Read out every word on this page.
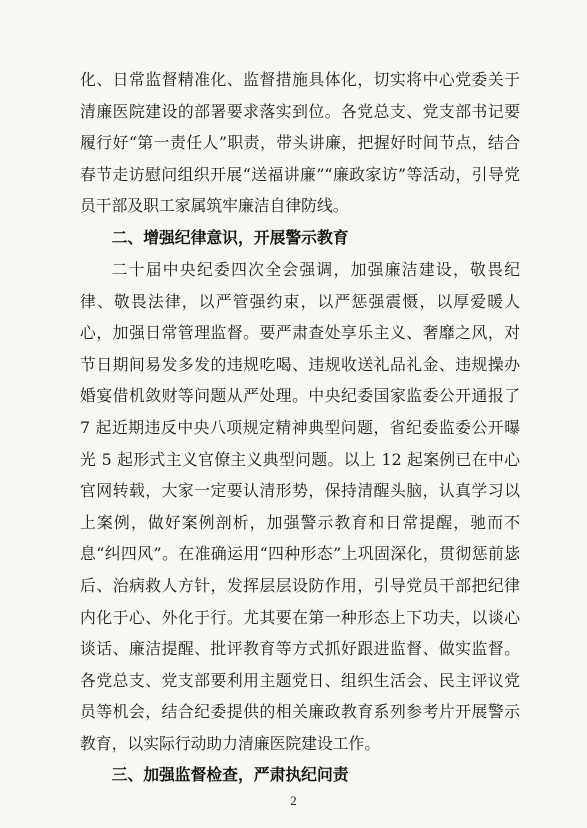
化、日常监督精准化、监督措施具体化，切实将中心党委关于清廉医院建设的部署要求落实到位。各党总支、党支部书记要履行好“第一责任人”职责，带头讲廉，把握好时间节点，结合春节走访慰问组织开展“送福讲廉”“廉政家访”等活动，引导党员干部及职工家属筑牢廉洁自律防线。

二、增强纪律意识，开展警示教育

二十届中央纪委四次全会强调，加强廉洁建设，敬畏纪律、敬畏法律，以严管强约束，以严惩强震慑，以厚爱暖人心，加强日常管理监督。要严肃查处享乐主义、奢靡之风，对节日期间易发多发的违规吃喝、违规收送礼品礼金、违规操办婚宴借机敛财等问题从严处理。中央纪委国家监委公开通报了 7 起近期违反中央八项规定精神典型问题，省纪委监委公开曝光 5 起形式主义官僚主义典型问题。以上 12 起案例已在中心官网转载，大家一定要认清形势，保持清醒头脑，认真学习以上案例，做好案例剖析，加强警示教育和日常提醒，驰而不息“纠四风”。在准确运用“四种形态”上巩固深化，贯彻惩前毖后、治病救人方针，发挥层层设防作用，引导党员干部把纪律内化于心、外化于行。尤其要在第一种形态上下功夫，以谈心谈话、廉洁提醒、批评教育等方式抓好跟进监督、做实监督。各党总支、党支部要利用主题党日、组织生活会、民主评议党员等机会，结合纪委提供的相关廉政教育系列参考片开展警示教育，以实际行动助力清廉医院建设工作。

三、加强监督检查，严肃执纪问责

2
